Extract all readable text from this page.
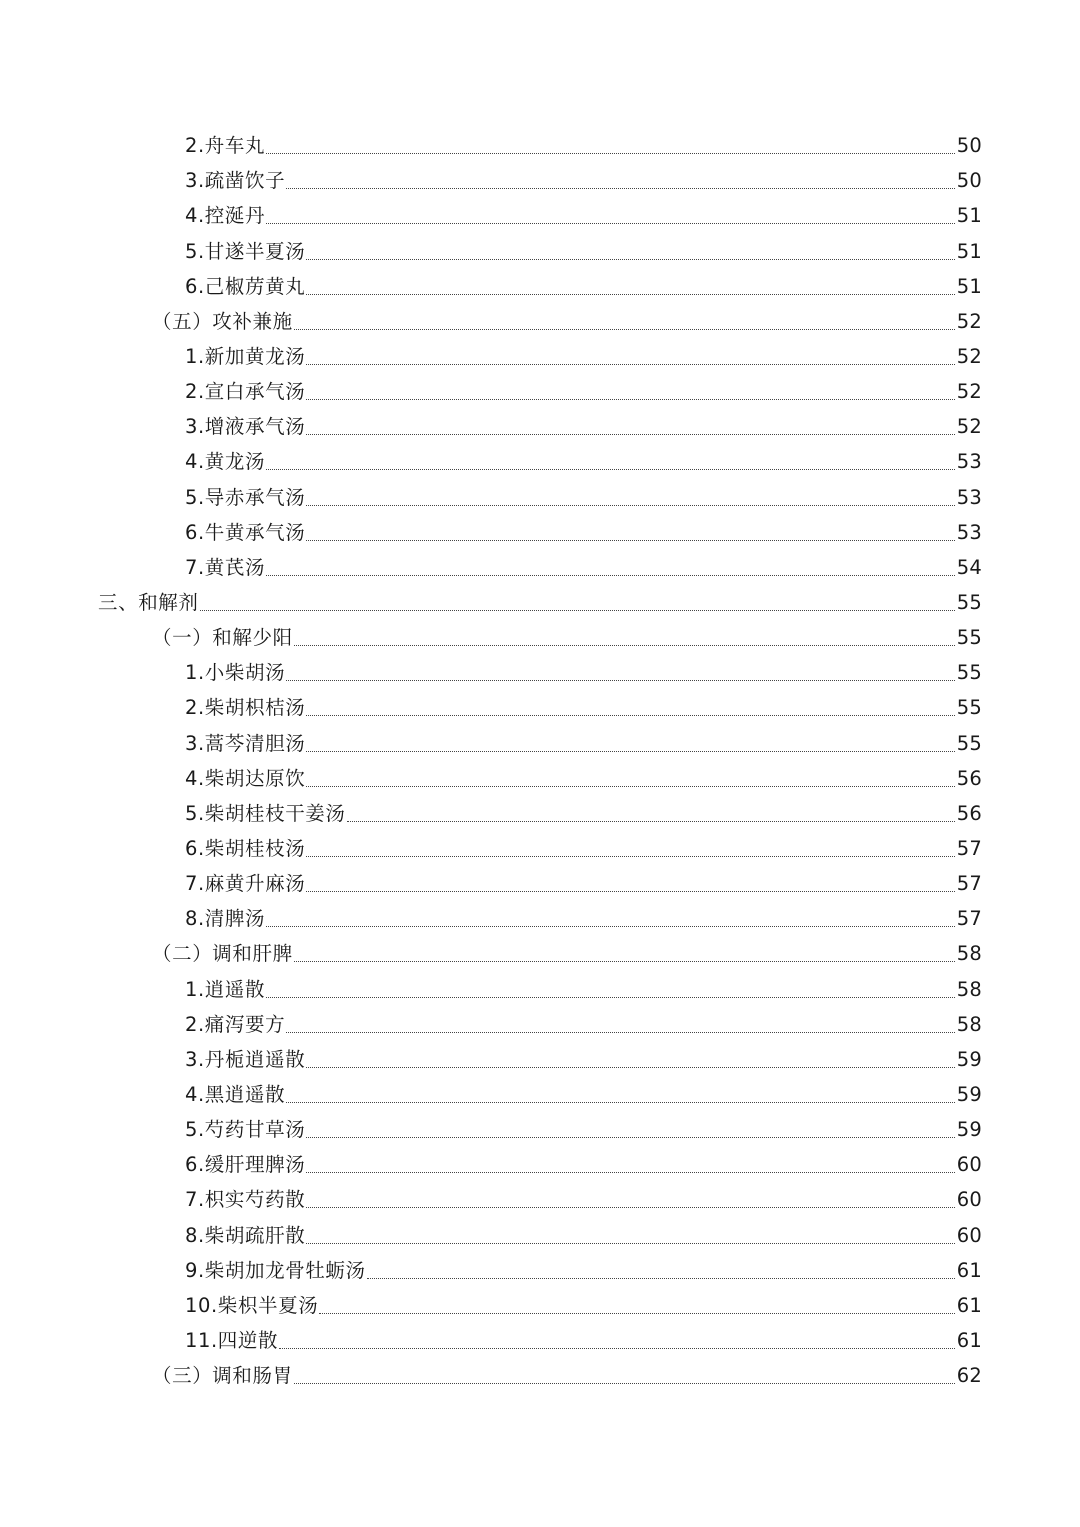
2.舟车丸	50
3.疏凿饮子	50
4.控涎丹	51
5.甘遂半夏汤	51
6.己椒苈黄丸	51
（五）攻补兼施	52
1.新加黄龙汤	52
2.宣白承气汤	52
3.增液承气汤	52
4.黄龙汤	53
5.导赤承气汤	53
6.牛黄承气汤	53
7.黄芪汤	54
三、和解剂	55
（一）和解少阳	55
1.小柴胡汤	55
2.柴胡枳桔汤	55
3.蒿芩清胆汤	55
4.柴胡达原饮	56
5.柴胡桂枝干姜汤	56
6.柴胡桂枝汤	57
7.麻黄升麻汤	57
8.清脾汤	57
（二）调和肝脾	58
1.逍遥散	58
2.痛泻要方	58
3.丹栀逍遥散	59
4.黑逍遥散	59
5.芍药甘草汤	59
6.缓肝理脾汤	60
7.枳实芍药散	60
8.柴胡疏肝散	60
9.柴胡加龙骨牡蛎汤	61
10.柴枳半夏汤	61
11.四逆散	61
（三）调和肠胃	62
